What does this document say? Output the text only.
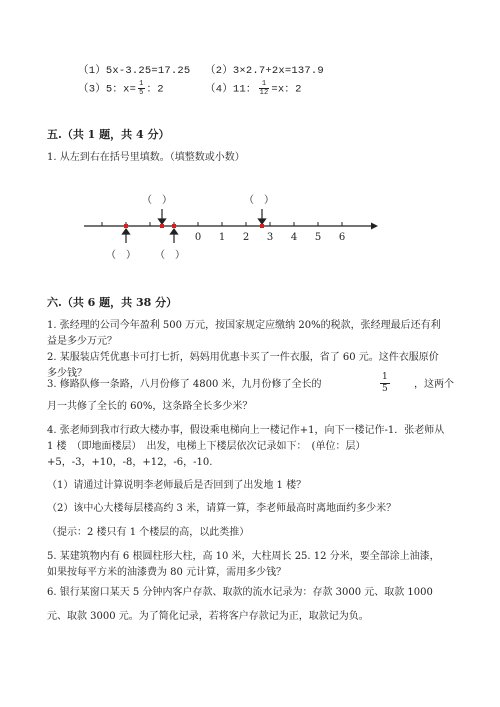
（1）5x-3.25=17.25 （2）3×2.7+2x=137.9
（3）5：$x= \frac{1}{5}$ ：2	（4）11： $\frac{1}{12} =x$：2
五.（共 1 题，共 4 分）
1. 从左到右在括号里填数。（填整数或小数）
（　）	（　）
0 1 2 3 4 5 6
（　） （　）
六.（共 6 题，共 38 分）
1. 张经理的公司今年盈利 500 万元，按国家规定应缴纳 20%的税款，张经理最后还有利益是多少万元？
2. 某服装店凭优惠卡可打七折，妈妈用优惠卡买了一件衣服，省了 60 元。这件衣服原价多少钱？
3. 修路队修一条路，八月份修了 4800 米，九月份修了全长的	$\frac{1}{5}$ ，这两个
月一共修了全长的 60%，这条路全长多少米？
4. 张老师到我市行政大楼办事，假设乘电梯向上一楼记作+1，向下一楼记作-1．张老师从 1 楼　（即地面楼层）　出发，电梯上下楼层依次记录如下：　(单位：层）+5，-3，+10，-8，+12，-6，-10.
（1）请通过计算说明李老师最后是否回到了出发地 1 楼？
（2）该中心大楼每层楼高约 3 米，请算一算，李老师最高时离地面约多少米？
（提示：2 楼只有 1 个楼层的高，以此类推）
5. 某建筑物内有 6 根圆柱形大柱，高 10 米，大柱周长 25. 12 分米，要全部涂上油漆，如果按每平方米的油漆费为 80 元计算，需用多少钱？
6. 银行某窗口某天 5 分钟内客户存款、取款的流水记录为：存款 3000 元、取款 1000 元、取款 3000 元。为了简化记录，若将客户存款记为正，取款记为负。
